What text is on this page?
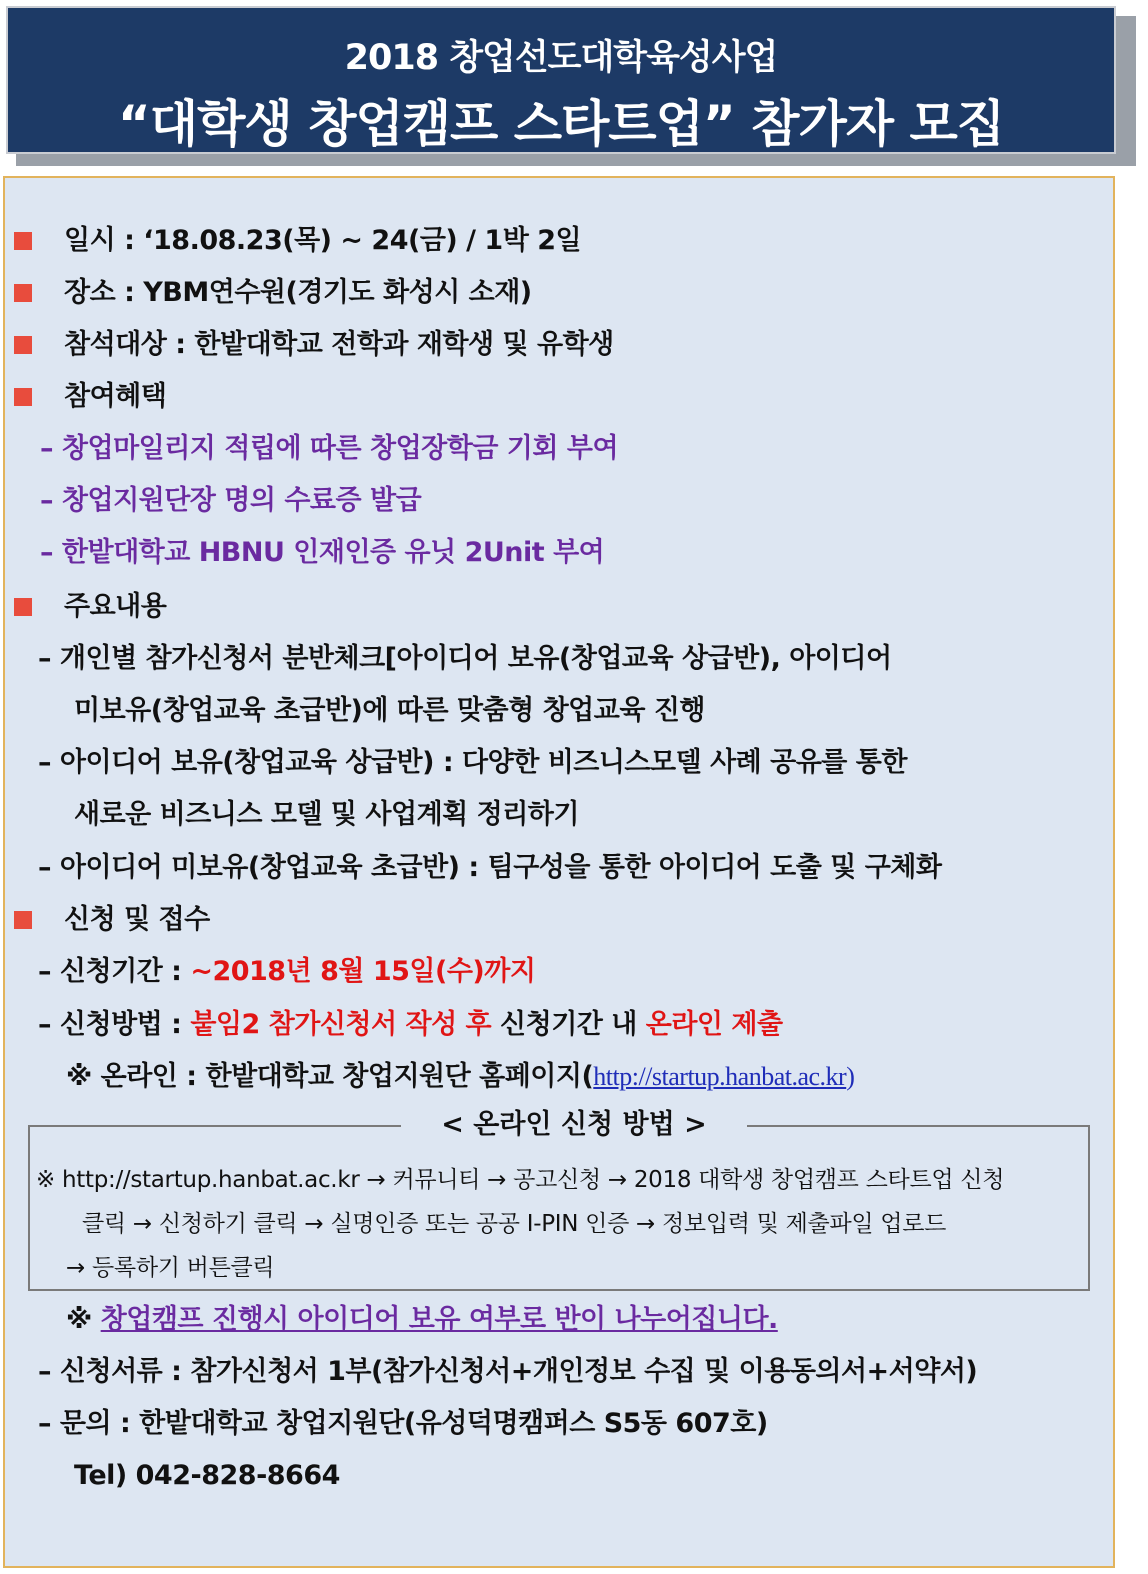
2018 창업선도대학육성사업
“대학생 창업캠프 스타트업” 참가자 모집
일시 : ‘18.08.23(목) ~ 24(금) / 1박 2일
장소 : YBM연수원(경기도 화성시 소재)
참석대상 : 한밭대학교 전학과 재학생 및 유학생
참여혜택
– 창업마일리지 적립에 따른 창업장학금 기회 부여
– 창업지원단장 명의 수료증 발급
– 한밭대학교 HBNU 인재인증 유닛 2Unit 부여
주요내용
– 개인별 참가신청서 분반체크[아이디어 보유(창업교육 상급반), 아이디어
미보유(창업교육 초급반)에 따른 맞춤형 창업교육 진행
– 아이디어 보유(창업교육 상급반) : 다양한 비즈니스모델 사례 공유를 통한
새로운 비즈니스 모델 및 사업계획 정리하기
– 아이디어 미보유(창업교육 초급반) : 팀구성을 통한 아이디어 도출 및 구체화
신청 및 접수
– 신청기간 : ~2018년 8월 15일(수)까지
– 신청방법 : 붙임2 참가신청서 작성 후 신청기간 내 온라인 제출
※ 온라인 : 한밭대학교 창업지원단 홈페이지(http://startup.hanbat.ac.kr)
< 온라인 신청 방법 >
※ http://startup.hanbat.ac.kr → 커뮤니티 → 공고신청 → 2018 대학생 창업캠프 스타트업 신청
클릭 → 신청하기 클릭 → 실명인증 또는 공공 I-PIN 인증 → 정보입력 및 제출파일 업로드
→ 등록하기 버튼클릭
※ 창업캠프 진행시 아이디어 보유 여부로 반이 나누어집니다.
– 신청서류 : 참가신청서 1부(참가신청서+개인정보 수집 및 이용동의서+서약서)
– 문의 : 한밭대학교 창업지원단(유성덕명캠퍼스 S5동 607호)
Tel) 042-828-8664
